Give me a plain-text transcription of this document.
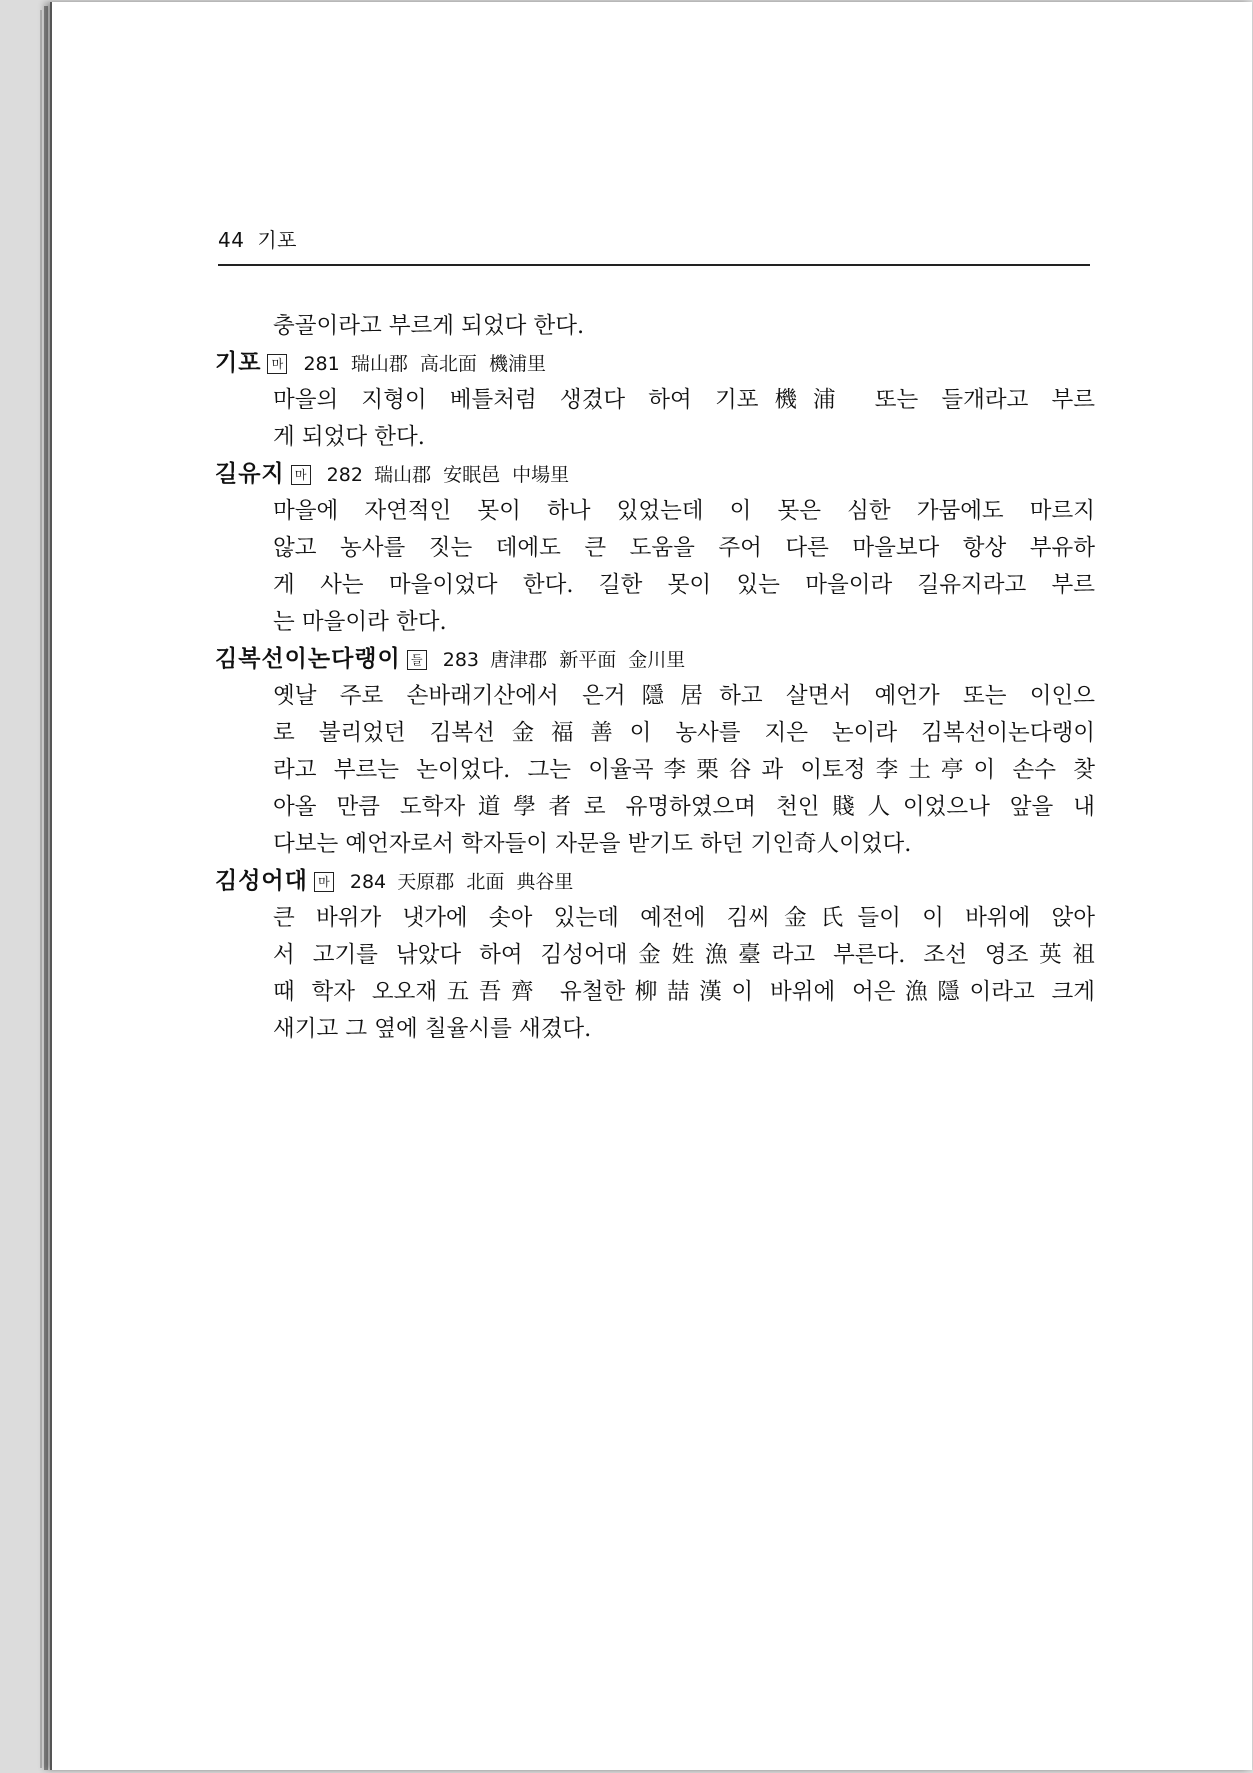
44 기포
충골이라고 부르게 되었다 한다.
기포 마 281 瑞山郡 高北面 機浦里
마을의 지형이 베틀처럼 생겼다 하여 기포機浦 또는 들개라고 부르
게 되었다 한다.
길유지 마 282 瑞山郡 安眠邑 中場里
마을에 자연적인 못이 하나 있었는데 이 못은 심한 가뭄에도 마르지
않고 농사를 짓는 데에도 큰 도움을 주어 다른 마을보다 항상 부유하
게 사는 마을이었다 한다. 길한 못이 있는 마을이라 길유지라고 부르
는 마을이라 한다.
김복선이논다랭이 들 283 唐津郡 新平面 金川里
옛날 주로 손바래기산에서 은거隱居하고 살면서 예언가 또는 이인으
로 불리었던 김복선金福善이 농사를 지은 논이라 김복선이논다랭이
라고 부르는 논이었다. 그는 이율곡李栗谷과 이토정李土亭이 손수 찾
아올 만큼 도학자道學者로 유명하였으며 천인賤人이었으나 앞을 내
다보는 예언자로서 학자들이 자문을 받기도 하던 기인奇人이었다.
김성어대 마 284 天原郡 北面 典谷里
큰 바위가 냇가에 솟아 있는데 예전에 김씨金氏들이 이 바위에 앉아
서 고기를 낚았다 하여 김성어대金姓漁臺라고 부른다. 조선 영조英祖
때 학자 오오재五吾齊 유철한柳喆漢이 바위에 어은漁隱이라고 크게
새기고 그 옆에 칠율시를 새겼다.
